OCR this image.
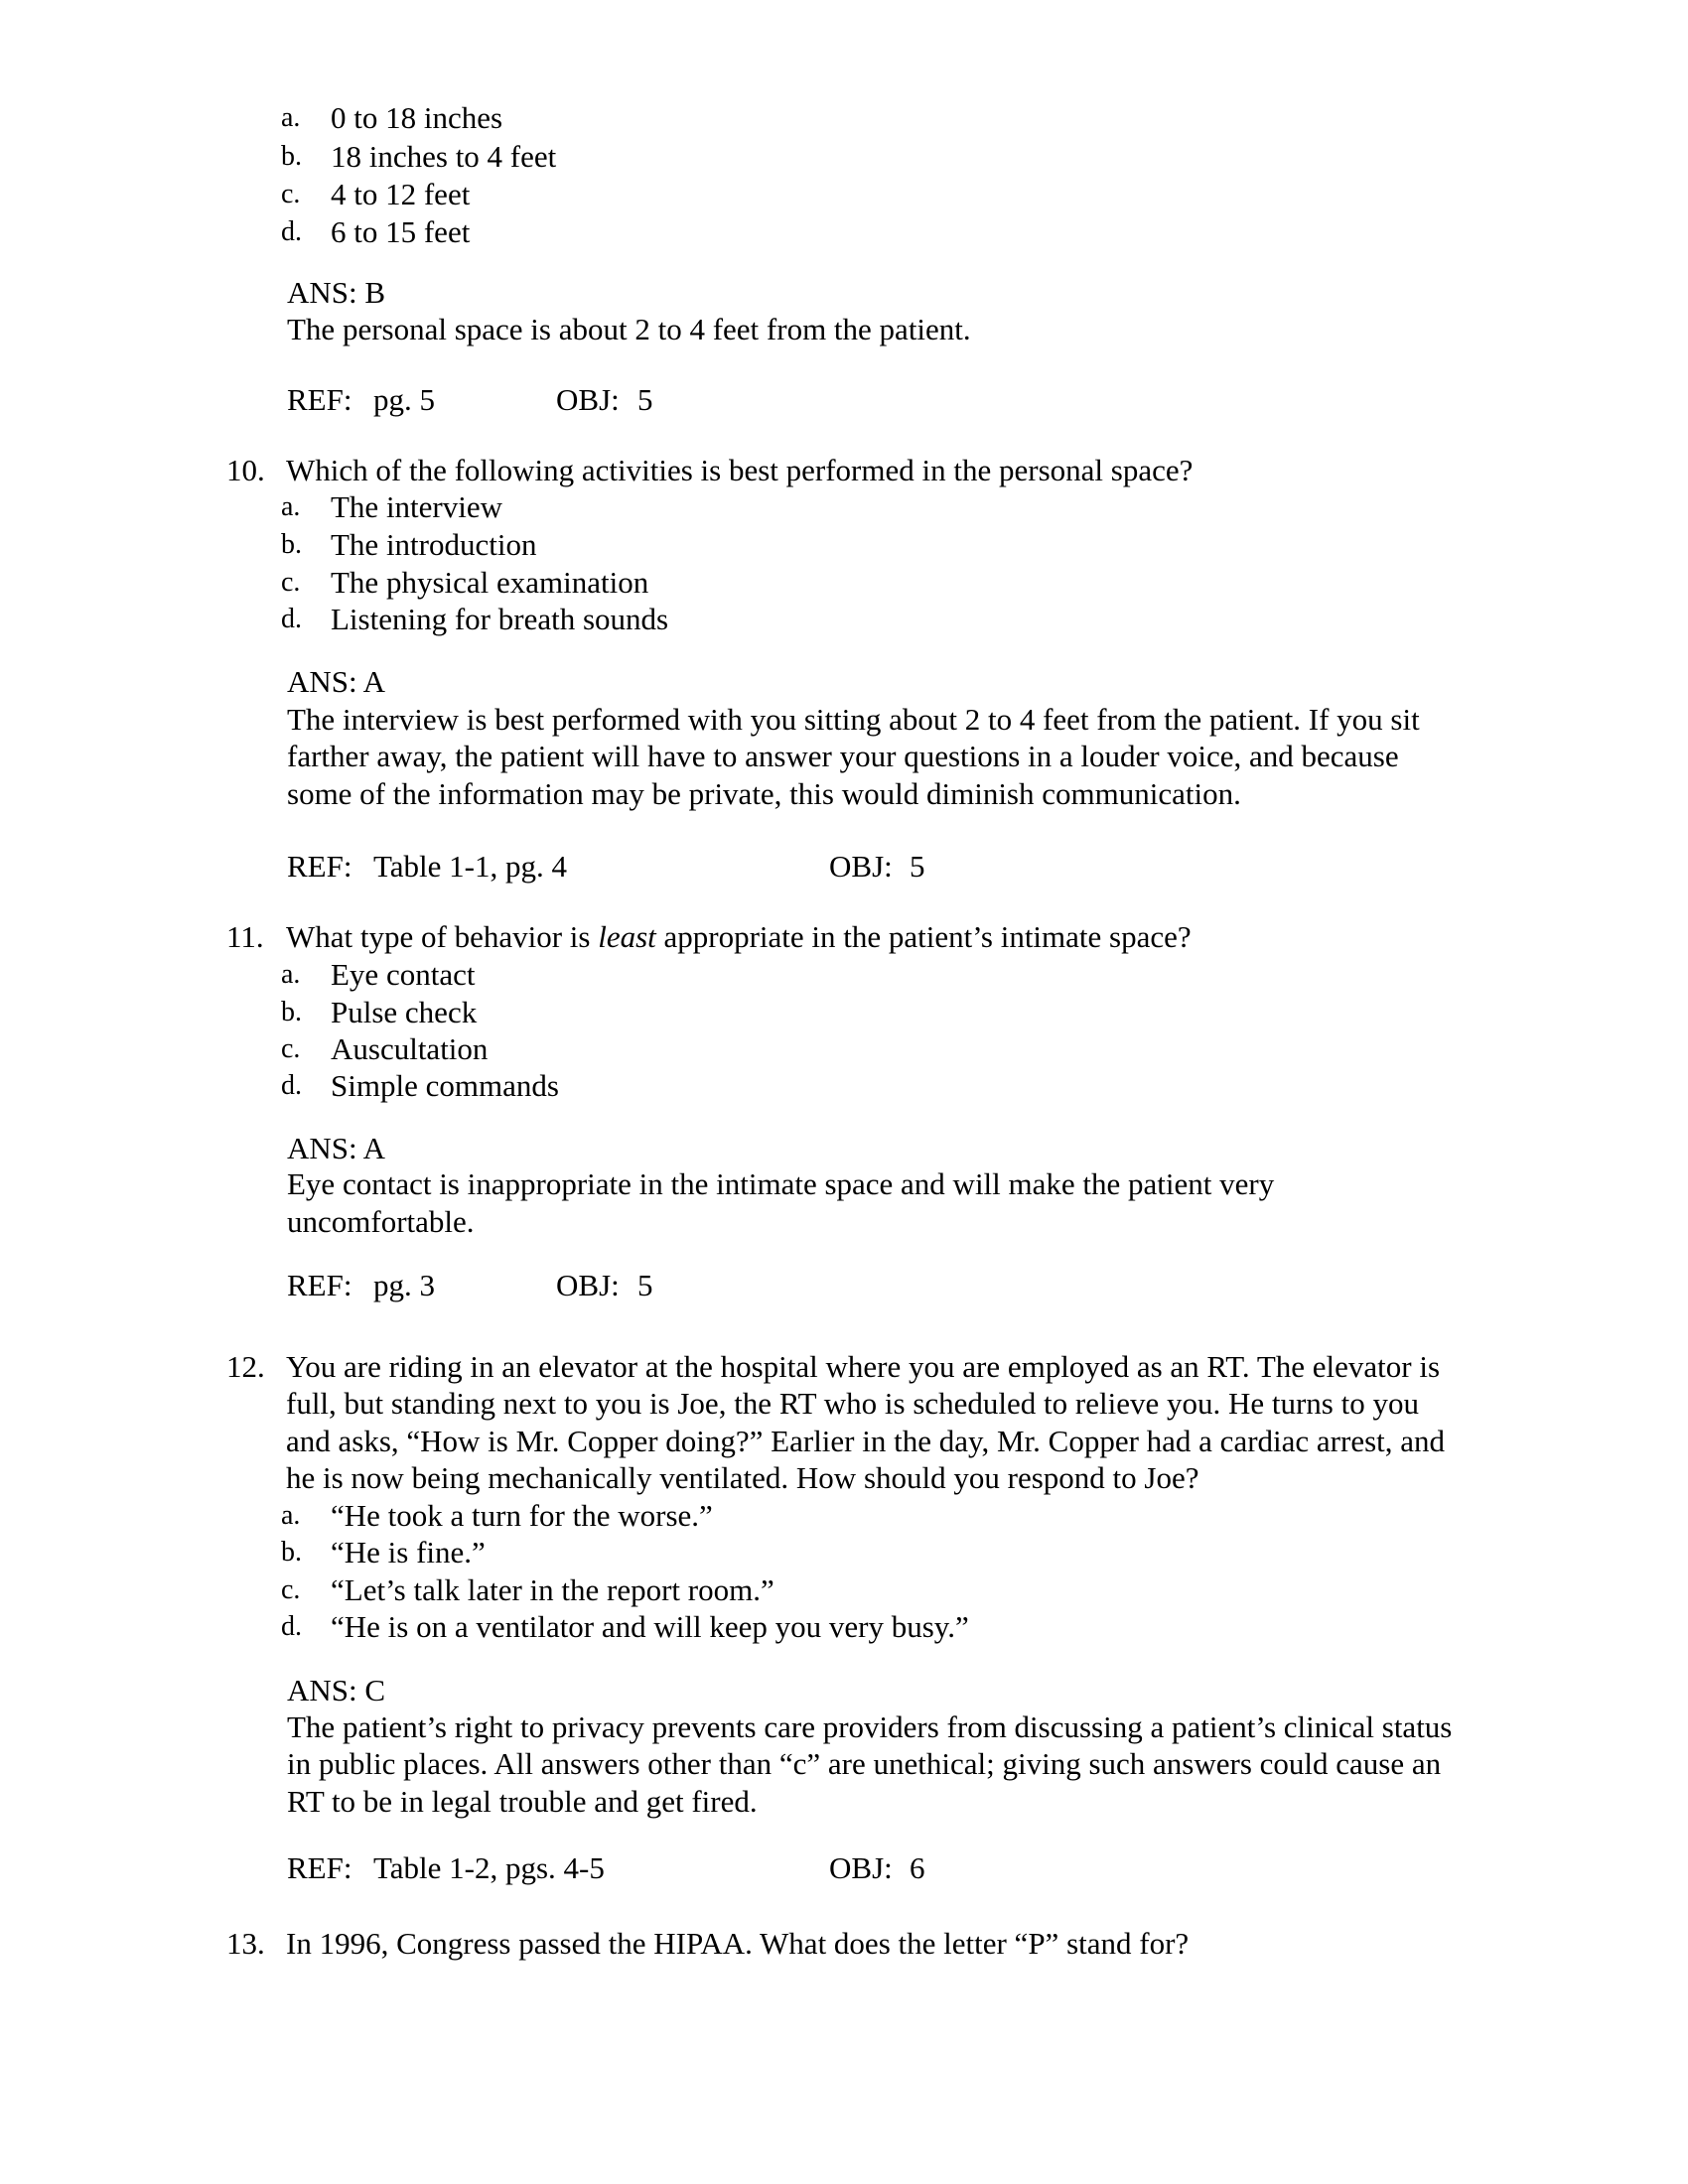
a. 0 to 18 inches
b. 18 inches to 4 feet
c. 4 to 12 feet
d. 6 to 15 feet
ANS: B
The personal space is about 2 to 4 feet from the patient.
REF: pg. 5	OBJ: 5
10. Which of the following activities is best performed in the personal space?
a. The interview
b. The introduction
c. The physical examination
d. Listening for breath sounds
ANS: A
The interview is best performed with you sitting about 2 to 4 feet from the patient. If you sit
farther away, the patient will have to answer your questions in a louder voice, and because
some of the information may be private, this would diminish communication.
REF: Table 1-1, pg. 4	OBJ: 5
11. What type of behavior is least appropriate in the patient’s intimate space?
a. Eye contact
b. Pulse check
c. Auscultation
d. Simple commands
ANS: A
Eye contact is inappropriate in the intimate space and will make the patient very
uncomfortable.
REF: pg. 3	OBJ: 5
12. You are riding in an elevator at the hospital where you are employed as an RT. The elevator is
full, but standing next to you is Joe, the RT who is scheduled to relieve you. He turns to you
and asks, “How is Mr. Copper doing?” Earlier in the day, Mr. Copper had a cardiac arrest, and
he is now being mechanically ventilated. How should you respond to Joe?
a. “He took a turn for the worse.”
b. “He is fine.”
c. “Let’s talk later in the report room.”
d. “He is on a ventilator and will keep you very busy.”
ANS: C
The patient’s right to privacy prevents care providers from discussing a patient’s clinical status
in public places. All answers other than “c” are unethical; giving such answers could cause an
RT to be in legal trouble and get fired.
REF: Table 1-2, pgs. 4-5	OBJ: 6
13. In 1996, Congress passed the HIPAA. What does the letter “P” stand for?
